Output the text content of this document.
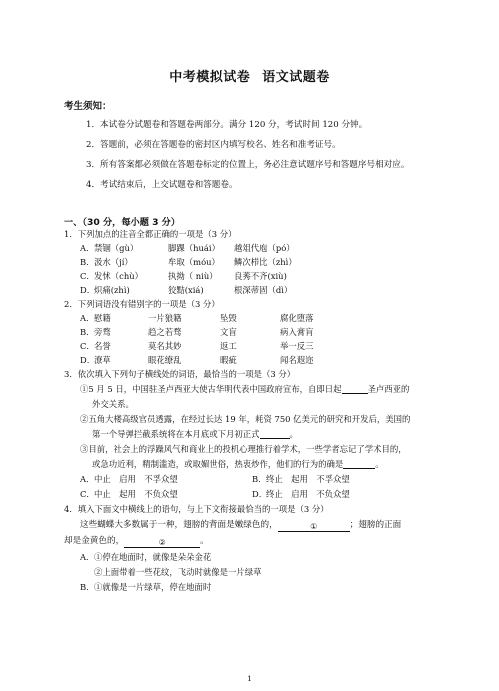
中考模拟试卷 语文试题卷
考生须知：
1．本试卷分试题卷和答题卷两部分。满分 120 分，考试时间 120 分钟。
2．答题前，必须在答题卷的密封区内填写校名、姓名和准考证号。
3．所有答案都必须做在答题卷标定的位置上，务必注意试题序号和答题序号相对应。
4．考试结束后，上交试题卷和答题卷。
一、（30 分，每小题 3 分）
1．下列加点的注音全都正确的一项是（3 分）
A．禁锢（gù）	脚踝（huái） 越俎代庖（pó）
B．汲水（jí）	牟取（móu） 鳞次栉比（zhì）
C．发怵（chù）	执拗（ niù） 良莠不齐(xiù)
D．炽痛(zhì)	狡黠(xiá)	根深蒂固（dì）
2．下列词语没有错别字的一项是（3 分）
A．慰籍	一片狼籍	坠毁	腐化堕落
B．旁骛	趋之若骛	文盲	病入膏肓
C．名誉	莫名其妙	返工	举一反三
D．潦草	眼花缭乱	暇疵	闻名遐迩
3．依次填入下列句子横线处的词语，最恰当的一项是（3 分）
①5 月 5 日，中国驻圣卢西亚大使古华明代表中国政府宣布，自即日起	圣卢西亚的
外交关系。
②五角大楼高级官员透露，在经过长达 19 年，耗资 750 亿美元的研究和开发后，美国的
第一个导弹拦截系统将在本月底或下月初正式	。
③目前，社会上的浮躁风气和商业上的投机心理推行着学术，一些学者忘记了学术目的，
或急功近利，精制滥造，或取媚世俗，热衷炒作，他们的行为的确是	。
A．中止　启用　不孚众望	B．终止　起用　不孚众望
C．中止　起用　不负众望	D．终止　启用　不负众望
4．填入下面文中横线上的语句，与上下文衔接最恰当的一项是（3 分）
这些蝴蝶大多数属于一种，翅膀的背面是嫩绿色的，	①	；翅膀的正面
却是金黄色的，	②	。
A．①停在地面时，就像是朵朵金花
②上面带着一些花纹，飞动时就像是一片绿草
B．①就像是一片绿草，停在地面时
1
